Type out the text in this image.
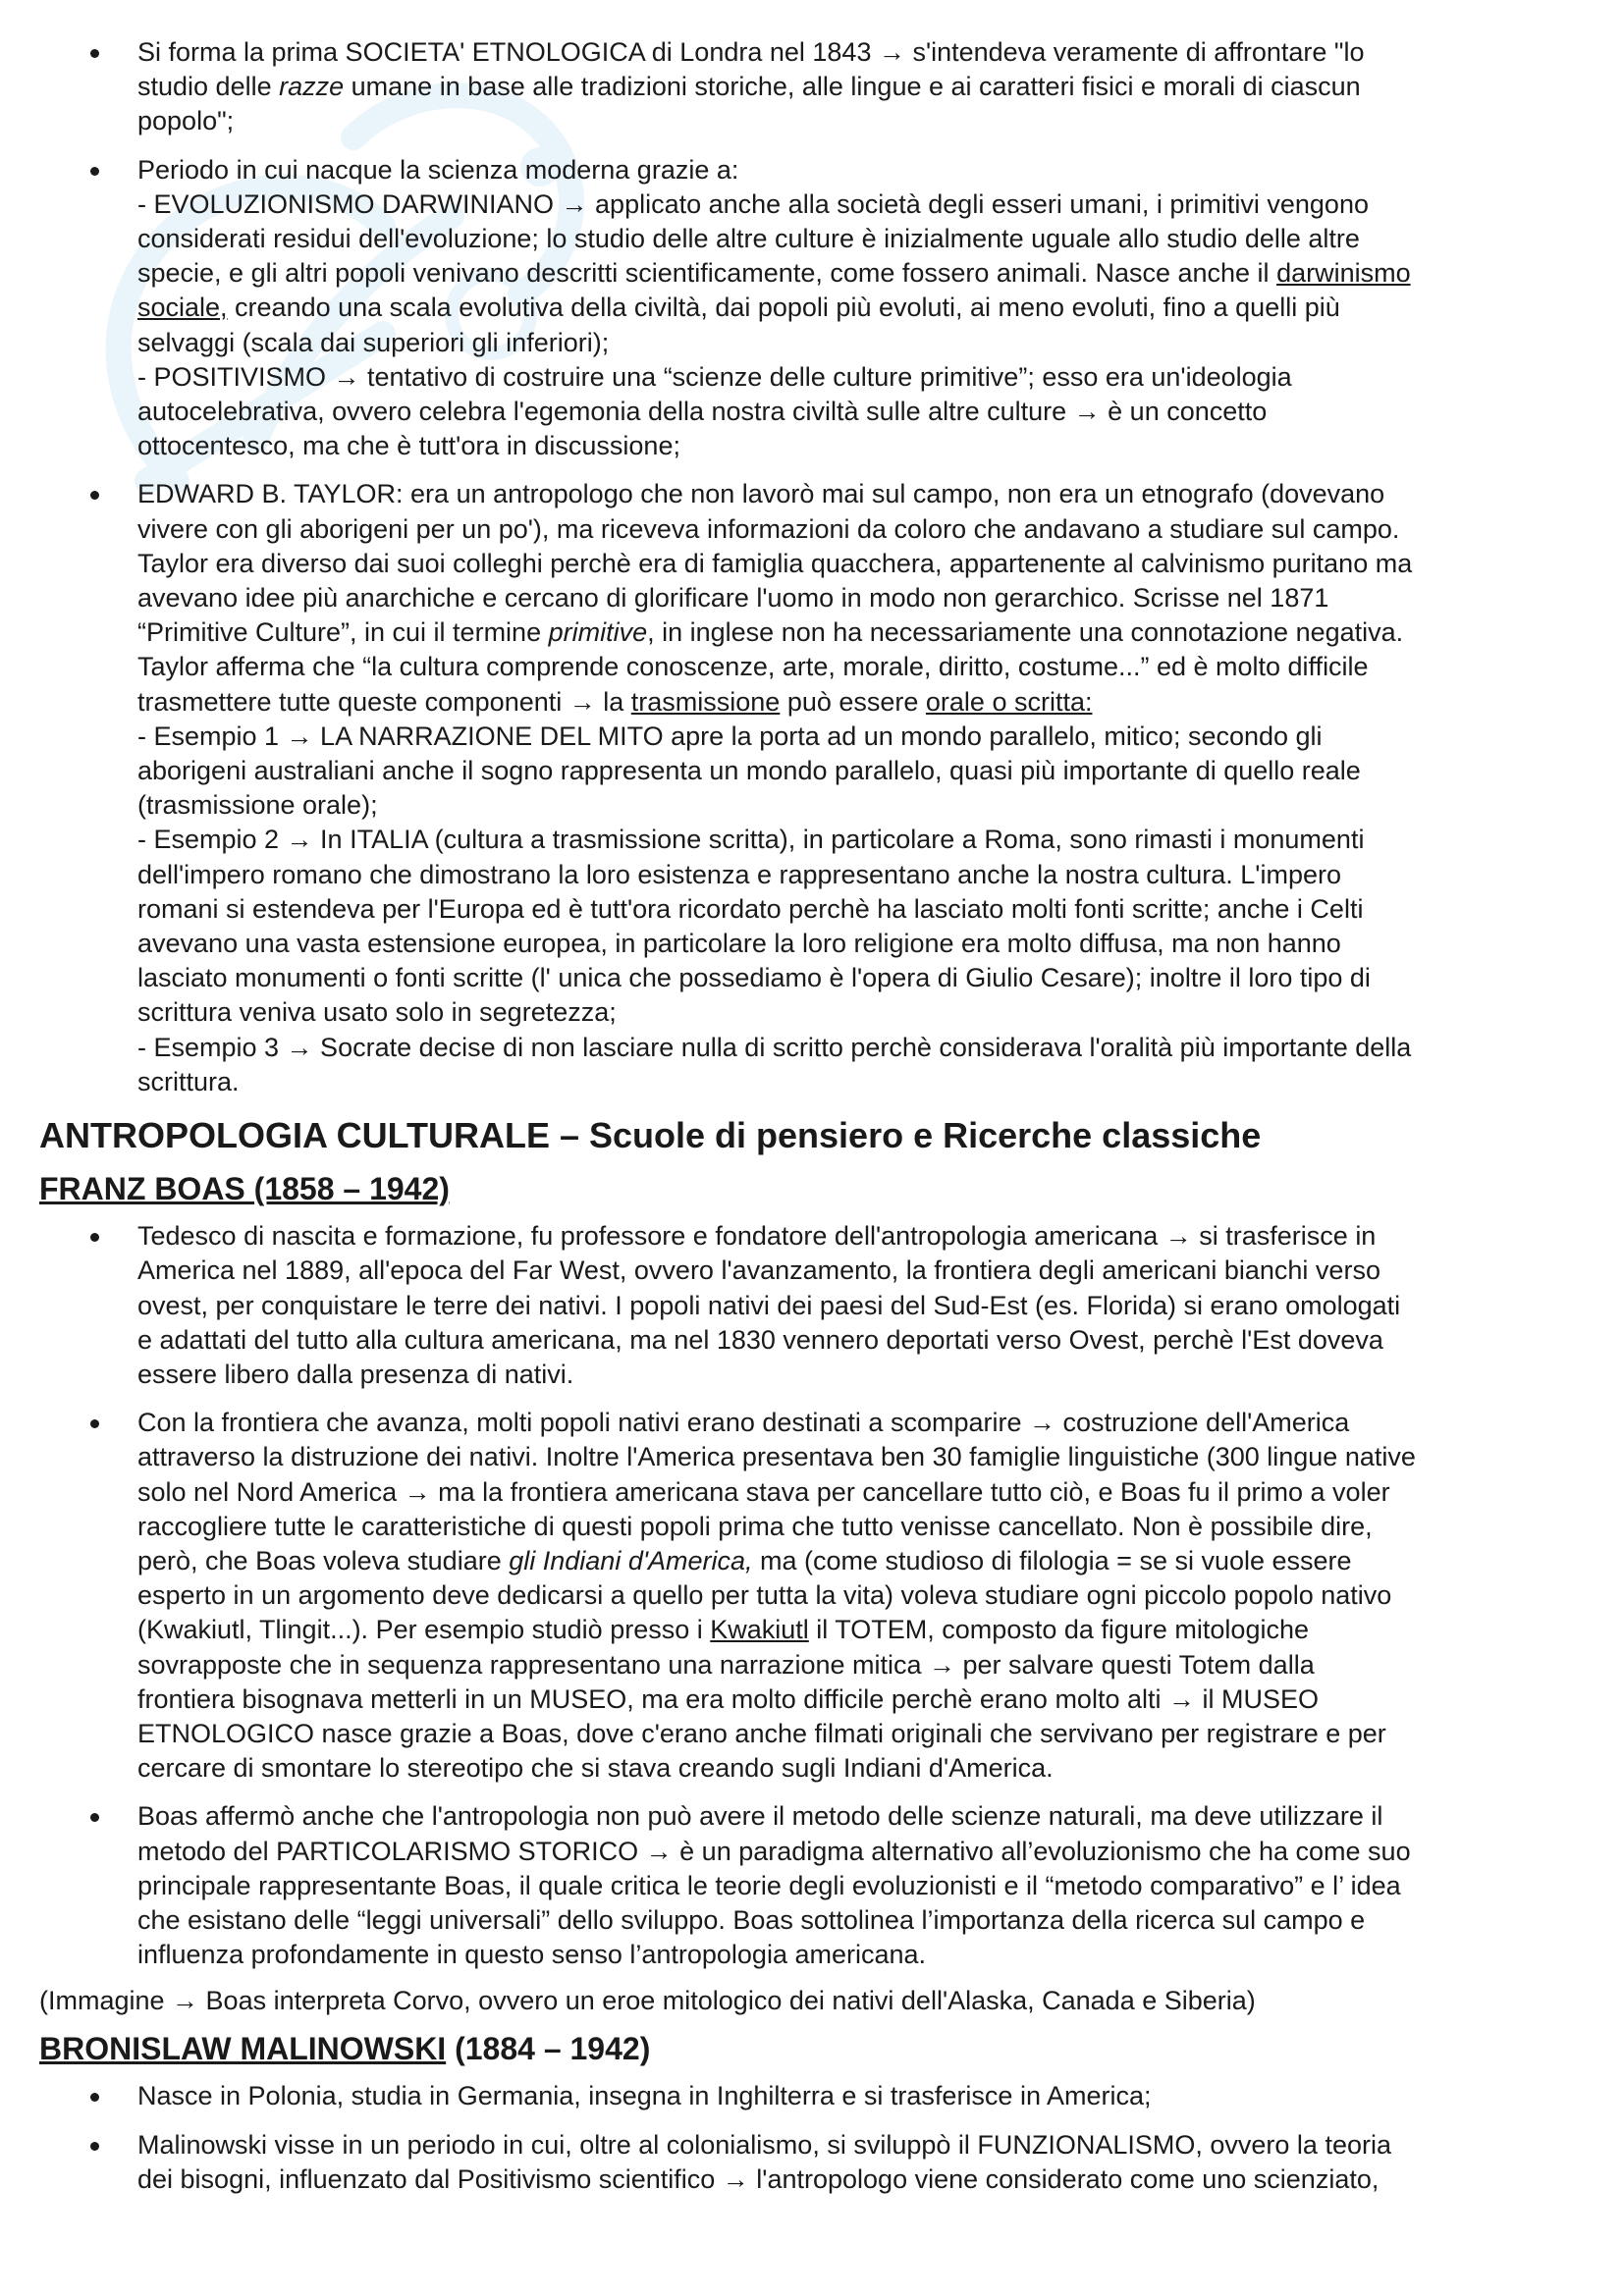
Si forma la prima SOCIETA' ETNOLOGICA di Londra nel 1843 → s'intendeva veramente di affrontare "lo
studio delle razze umane in base alle tradizioni storiche, alle lingue e ai caratteri fisici e morali di ciascun
popolo";
Periodo in cui nacque la scienza moderna grazie a:
- EVOLUZIONISMO DARWINIANO → applicato anche alla società degli esseri umani, i primitivi vengono
considerati residui dell'evoluzione; lo studio delle altre culture è inizialmente uguale allo studio delle altre
specie, e gli altri popoli venivano descritti scientificamente, come fossero animali. Nasce anche il darwinismo
sociale, creando una scala evolutiva della civiltà, dai popoli più evoluti, ai meno evoluti, fino a quelli più
selvaggi (scala dai superiori gli inferiori);
- POSITIVISMO → tentativo di costruire una “scienze delle culture primitive”; esso era un'ideologia
autocelebrativa, ovvero celebra l'egemonia della nostra civiltà sulle altre culture → è un concetto
ottocentesco, ma che è tutt'ora in discussione;
EDWARD B. TAYLOR: era un antropologo che non lavorò mai sul campo, non era un etnografo (dovevano
vivere con gli aborigeni per un po'), ma riceveva informazioni da coloro che andavano a studiare sul campo.
Taylor era diverso dai suoi colleghi perchè era di famiglia quacchera, appartenente al calvinismo puritano ma
avevano idee più anarchiche e cercano di glorificare l'uomo in modo non gerarchico. Scrisse nel 1871
“Primitive Culture”, in cui il termine primitive, in inglese non ha necessariamente una connotazione negativa.
Taylor afferma che “la cultura comprende conoscenze, arte, morale, diritto, costume...” ed è molto difficile
trasmettere tutte queste componenti → la trasmissione può essere orale o scritta:
- Esempio 1 → LA NARRAZIONE DEL MITO apre la porta ad un mondo parallelo, mitico; secondo gli
aborigeni australiani anche il sogno rappresenta un mondo parallelo, quasi più importante di quello reale
(trasmissione orale);
- Esempio 2 → In ITALIA (cultura a trasmissione scritta), in particolare a Roma, sono rimasti i monumenti
dell'impero romano che dimostrano la loro esistenza e rappresentano anche la nostra cultura. L'impero
romani si estendeva per l'Europa ed è tutt'ora ricordato perchè ha lasciato molti fonti scritte; anche i Celti
avevano una vasta estensione europea, in particolare la loro religione era molto diffusa, ma non hanno
lasciato monumenti o fonti scritte (l' unica che possediamo è l'opera di Giulio Cesare); inoltre il loro tipo di
scrittura veniva usato solo in segretezza;
- Esempio 3 → Socrate decise di non lasciare nulla di scritto perchè considerava l'oralità più importante della
scrittura.
ANTROPOLOGIA CULTURALE – Scuole di pensiero e Ricerche classiche
FRANZ BOAS (1858 – 1942)
Tedesco di nascita e formazione, fu professore e fondatore dell'antropologia americana → si trasferisce in
America nel 1889, all'epoca del Far West, ovvero l'avanzamento, la frontiera degli americani bianchi verso
ovest, per conquistare le terre dei nativi. I popoli nativi dei paesi del Sud-Est (es. Florida) si erano omologati
e adattati del tutto alla cultura americana, ma nel 1830 vennero deportati verso Ovest, perchè l'Est doveva
essere libero dalla presenza di nativi.
Con la frontiera che avanza, molti popoli nativi erano destinati a scomparire → costruzione dell'America
attraverso la distruzione dei nativi. Inoltre l'America presentava ben 30 famiglie linguistiche (300 lingue native
solo nel Nord America → ma la frontiera americana stava per cancellare tutto ciò, e Boas fu il primo a voler
raccogliere tutte le caratteristiche di questi popoli prima che tutto venisse cancellato. Non è possibile dire,
però, che Boas voleva studiare gli Indiani d'America, ma (come studioso di filologia = se si vuole essere
esperto in un argomento deve dedicarsi a quello per tutta la vita) voleva studiare ogni piccolo popolo nativo
(Kwakiutl, Tlingit...). Per esempio studiò presso i Kwakiutl il TOTEM, composto da figure mitologiche
sovrapposte che in sequenza rappresentano una narrazione mitica → per salvare questi Totem dalla
frontiera bisognava metterli in un MUSEO, ma era molto difficile perchè erano molto alti → il MUSEO
ETNOLOGICO nasce grazie a Boas, dove c'erano anche filmati originali che servivano per registrare e per
cercare di smontare lo stereotipo che si stava creando sugli Indiani d'America.
Boas affermò anche che l'antropologia non può avere il metodo delle scienze naturali, ma deve utilizzare il
metodo del PARTICOLARISMO STORICO → è un paradigma alternativo all’evoluzionismo che ha come suo
principale rappresentante Boas, il quale critica le teorie degli evoluzionisti e il “metodo comparativo” e l’ idea
che esistano delle “leggi universali” dello sviluppo. Boas sottolinea l’importanza della ricerca sul campo e
influenza profondamente in questo senso l’antropologia americana.

(Immagine → Boas interpreta Corvo, ovvero un eroe mitologico dei nativi dell'Alaska, Canada e Siberia)

BRONISLAW MALINOWSKI (1884 – 1942)
Nasce in Polonia, studia in Germania, insegna in Inghilterra e si trasferisce in America;
Malinowski visse in un periodo in cui, oltre al colonialismo, si sviluppò il FUNZIONALISMO, ovvero la teoria
dei bisogni, influenzato dal Positivismo scientifico → l'antropologo viene considerato come uno scienziato,
